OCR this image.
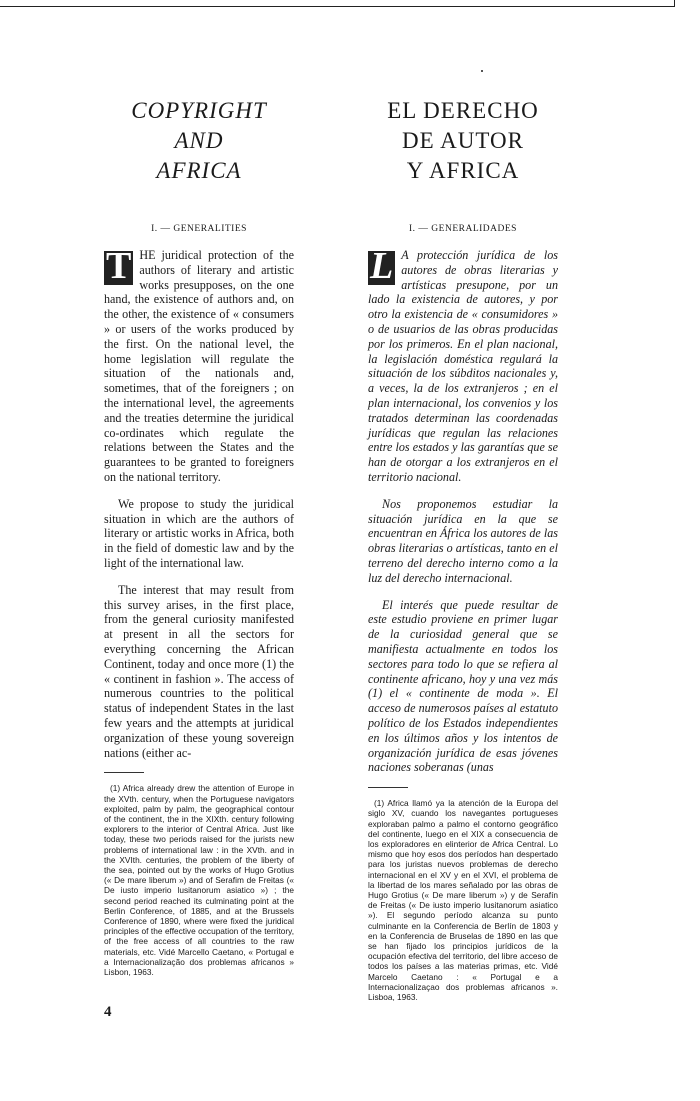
COPYRIGHT
AND
AFRICA
I. — GENERALITIES

T HE juridical protection of the authors of literary and artistic works presupposes, on the one hand, the existence of authors and, on the other, the existence of « consumers » or users of the works produced by the first. On the national level, the home legislation will regulate the situation of the nationals and, sometimes, that of the foreigners ; on the international level, the agreements and the treaties determine the juridical co-ordinates which regulate the relations between the States and the guarantees to be granted to foreigners on the national territory.

We propose to study the juridical situation in which are the authors of literary or artistic works in Africa, both in the field of domestic law and by the light of the international law.

The interest that may result from this survey arises, in the first place, from the general curiosity manifested at present in all the sectors for everything concerning the African Continent, today and once more (1) the « continent in fashion ». The access of numerous countries to the political status of independent States in the last few years and the attempts at juridical organization of these young sovereign nations (either ac-

(1) Africa already drew the attention of Europe in the XVth. century, when the Portuguese navigators exploited, palm by palm, the geographical contour of the continent, the in the XIXth. century following explorers to the interior of Central Africa. Just like today, these two periods raised for the jurists new problems of international law : in the XVth. and in the XVIth. centuries, the problem of the liberty of the sea, pointed out by the works of Hugo Grotius (« De mare liberum ») and of Serafim de Freitas (« De iusto imperio lusitanorum asiatico ») ; the second period reached its culminating point at the Berlin Conference, of 1885, and at the Brussels Conference of 1890, where were fixed the juridical principles of the effective occupation of the territory, of the free access of all countries to the raw materials, etc. Vidé Marcello Caetano, « Portugal e a Internacionalização dos problemas africanos » Lisbon, 1963.

EL DERECHO
DE AUTOR
Y AFRICA
I. — GENERALIDADES

L A protección jurídica de los autores de obras literarias y artísticas presupone, por un lado la existencia de autores, y por otro la existencia de « consumidores » o de usuarios de las obras producidas por los primeros. En el plan nacional, la legislación doméstica regulará la situación de los súbditos nacionales y, a veces, la de los extranjeros ; en el plan internacional, los convenios y los tratados determinan las coordenadas jurídicas que regulan las relaciones entre los estados y las garantías que se han de otorgar a los extranjeros en el territorio nacional.

Nos proponemos estudiar la situación jurídica en la que se encuentran en África los autores de las obras literarias o artísticas, tanto en el terreno del derecho interno como a la luz del derecho internacional.

El interés que puede resultar de este estudio proviene en primer lugar de la curiosidad general que se manifiesta actualmente en todos los sectores para todo lo que se refiera al continente africano, hoy y una vez más (1) el « continente de moda ». El acceso de numerosos países al estatuto político de los Estados independientes en los últimos años y los intentos de organización jurídica de esas jóvenes naciones soberanas (unas

(1) Africa llamó ya la atención de la Europa del siglo XV, cuando los navegantes portugueses exploraban palmo a palmo el contorno geográfico del continente, luego en el XIX a consecuencia de los exploradores en elinterior de Africa Central. Lo mismo que hoy esos dos períodos han despertado para los juristas nuevos problemas de derecho internacional en el XV y en el XVI, el problema de la libertad de los mares señalado por las obras de Hugo Grotius (« De mare liberum ») y de Serafín de Freitas (« De iusto imperio lusitanorum asiatico »). El segundo período alcanza su punto culminante en la Conferencia de Berlín de 1803 y en la Conferencia de Bruselas de 1890 en las que se han fijado los principios jurídicos de la ocupación efectiva del territorio, del libre acceso de todos los países a las materias primas, etc. Vidé Marcelo Caetano : « Portugal e a Internacionalizaçao dos problemas africanos ». Lisboa, 1963.

4
